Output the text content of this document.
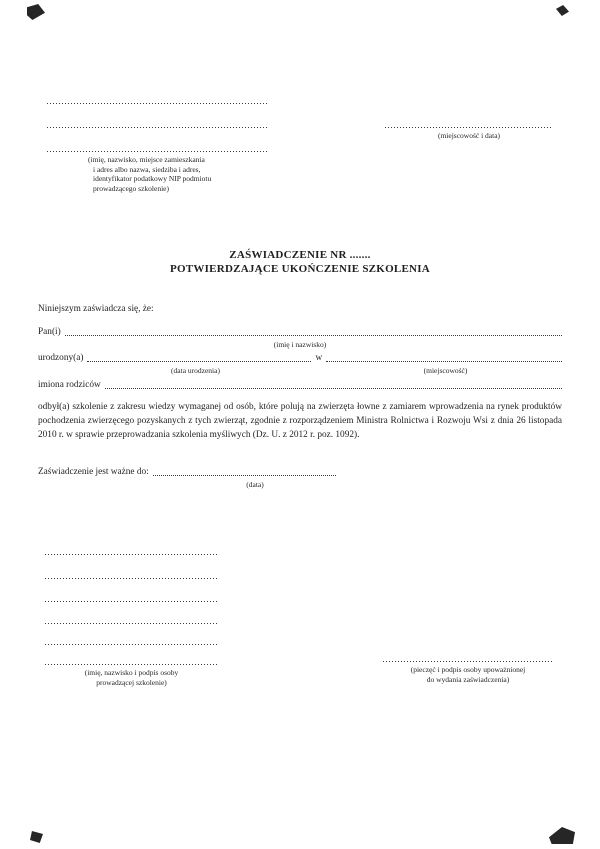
(imię, nazwisko, miejsce zamieszkania
i adres albo nazwa, siedziba i adres,
identyfikator podatkowy NIP podmiotu
prowadzącego szkolenie)
(miejscowość i data)
ZAŚWIADCZENIE NR .......
POTWIERDZAJĄCE UKOŃCZENIE SZKOLENIA
Niniejszym zaświadcza się, że:
Pan(i)
(imię i nazwisko)
urodzony(a)	w
(data urodzenia)	(miejscowość)
imiona rodziców
odbył(a) szkolenie z zakresu wiedzy wymaganej od osób, które polują na zwierzęta łowne z zamiarem wprowadzenia na rynek produktów pochodzenia zwierzęcego pozyskanych z tych zwierząt, zgodnie z rozporządzeniem Ministra Rolnictwa i Rozwoju Wsi z dnia 26 listopada 2010 r. w sprawie przeprowadzania szkolenia myśliwych (Dz. U. z 2012 r. poz. 1092).
Zaświadczenie jest ważne do:
(data)
(imię, nazwisko i podpis osoby
prowadzącej szkolenie)
(pieczęć i podpis osoby upoważnionej
do wydania zaświadczenia)
